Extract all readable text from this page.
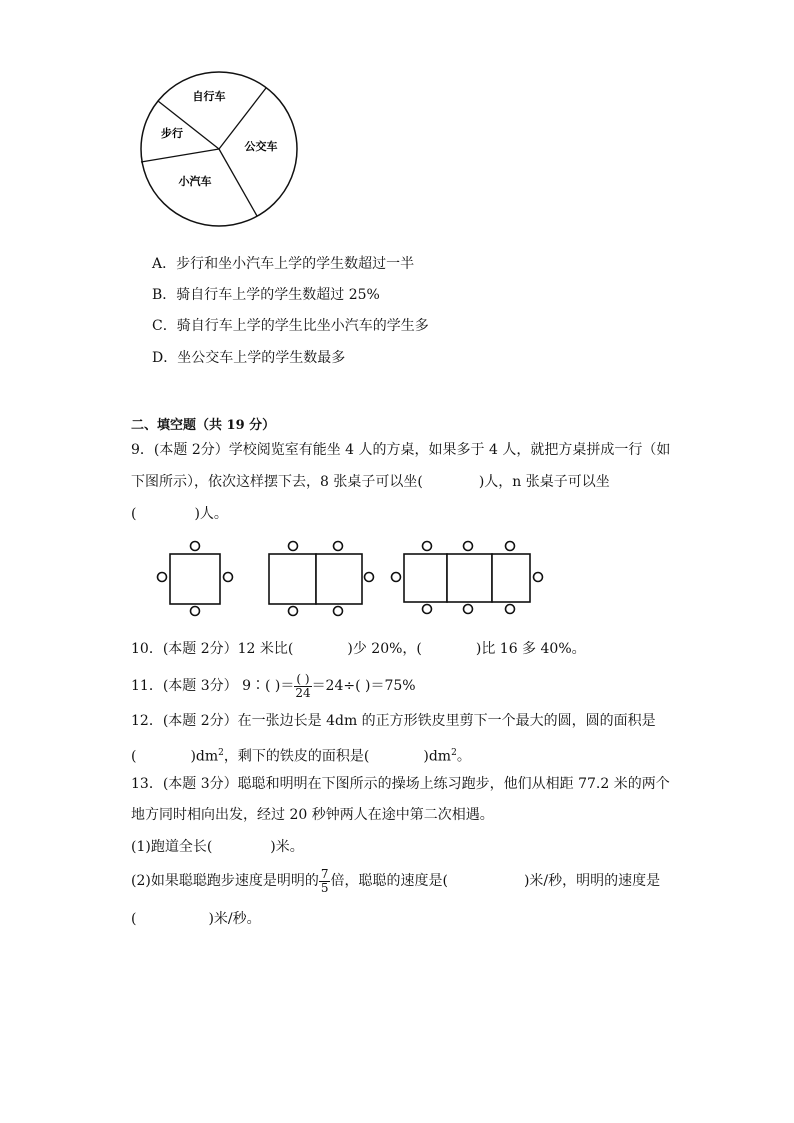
自行车
步行
公交车
小汽车
A．步行和坐小汽车上学的学生数超过一半
B．骑自行车上学的学生数超过 25%
C．骑自行车上学的学生比坐小汽车的学生多
D．坐公交车上学的学生数最多
二、填空题（共 19 分）
9．(本题 2分）学校阅览室有能坐 4 人的方桌，如果多于 4 人，就把方桌拼成一行（如
下图所示），依次这样摆下去，8 张桌子可以坐(	)人，n 张桌子可以坐
(	)人。
10．(本题 2分）12 米比(	)少 20%，(	)比 16 多 40%。
11．(本题 3分） 9∶( )＝ $\frac{( )}{24} =24\div$( )＝75%
12．(本题 2分）在一张边长是 4dm 的正方形铁皮里剪下一个最大的圆，圆的面积是
(	)$dm^2$，剩下的铁皮的面积是(	)$dm^2$。
13．(本题 3分）聪聪和明明在下图所示的操场上练习跑步，他们从相距 77.2 米的两个
地方同时相向出发，经过 20 秒钟两人在途中第二次相遇。
(1)跑道全长(	)米。
(2)如果聪聪跑步速度是明明的 $\frac{7}{5}$ 倍，聪聪的速度是(	)米/秒，明明的速度是
(	)米/秒。
